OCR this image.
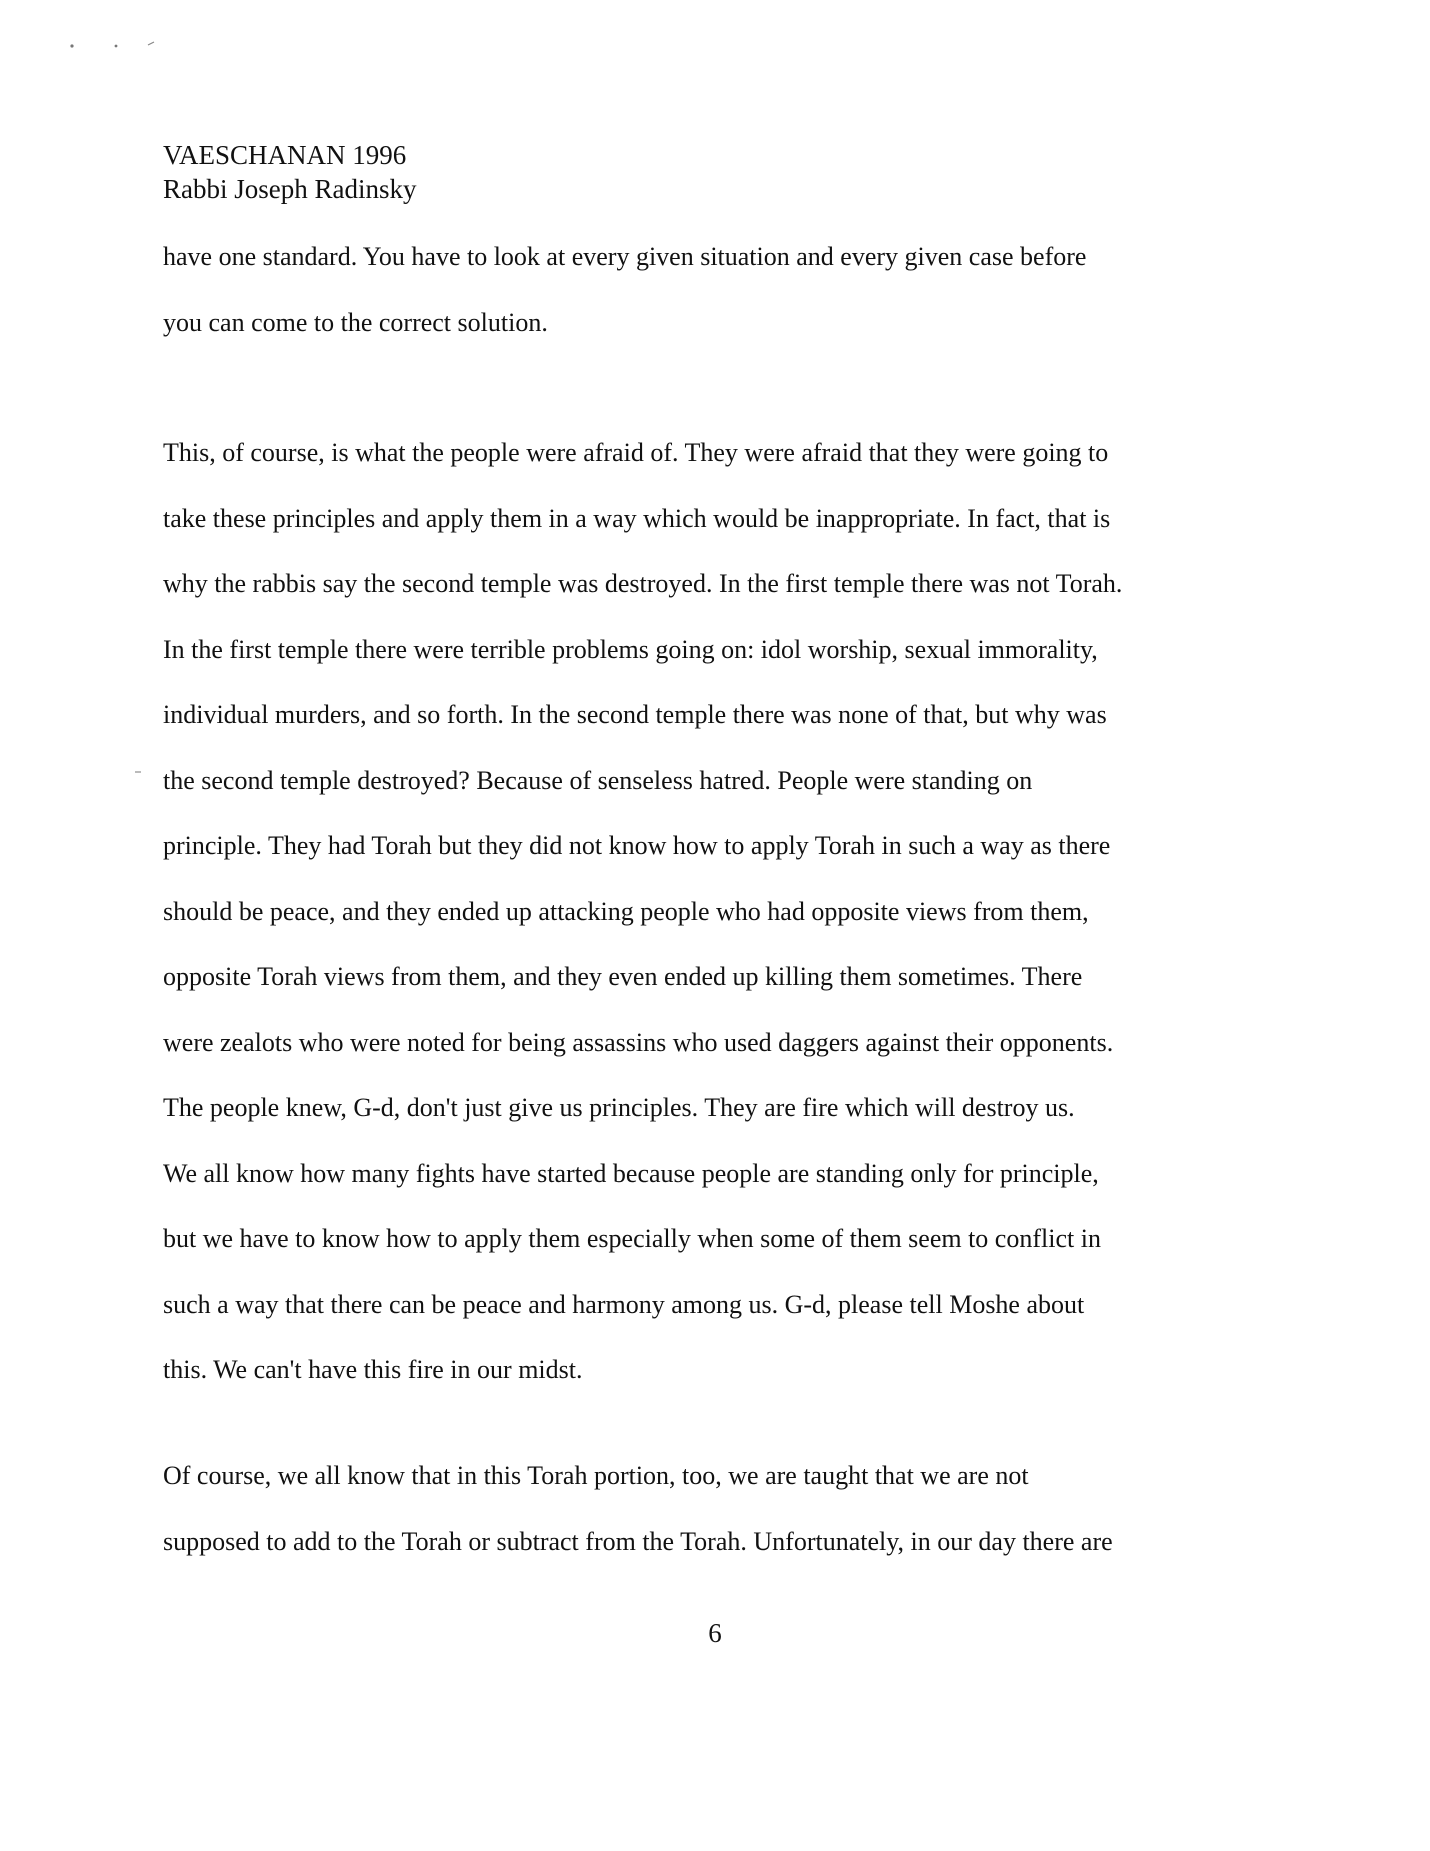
VAESCHANAN 1996
Rabbi Joseph Radinsky
have one standard. You have to look at every given situation and every given case before
you can come to the correct solution.
This, of course, is what the people were afraid of. They were afraid that they were going to
take these principles and apply them in a way which would be inappropriate. In fact, that is
why the rabbis say the second temple was destroyed. In the first temple there was not Torah.
In the first temple there were terrible problems going on: idol worship, sexual immorality,
individual murders, and so forth. In the second temple there was none of that, but why was
the second temple destroyed? Because of senseless hatred. People were standing on
principle. They had Torah but they did not know how to apply Torah in such a way as there
should be peace, and they ended up attacking people who had opposite views from them,
opposite Torah views from them, and they even ended up killing them sometimes. There
were zealots who were noted for being assassins who used daggers against their opponents.
The people knew, G-d, don't just give us principles. They are fire which will destroy us.
We all know how many fights have started because people are standing only for principle,
but we have to know how to apply them especially when some of them seem to conflict in
such a way that there can be peace and harmony among us. G-d, please tell Moshe about
this. We can't have this fire in our midst.
Of course, we all know that in this Torah portion, too, we are taught that we are not
supposed to add to the Torah or subtract from the Torah. Unfortunately, in our day there are
6
